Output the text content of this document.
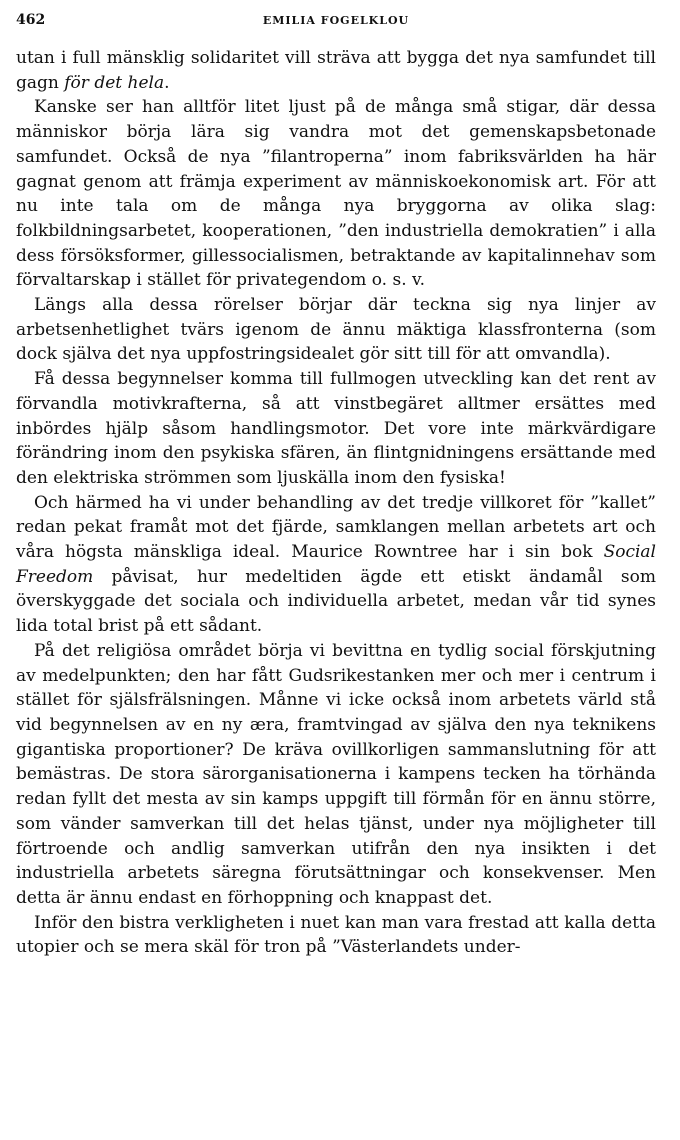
462	EMILIA FOGELKLOU

utan i full mänsklig solidaritet vill sträva att bygga det nya samfundet till gagn för det hela.

Kanske ser han alltför litet ljust på de många små stigar, där dessa människor börja lära sig vandra mot det gemenskapsbetonade samfundet. Också de nya ”filantroperna” inom fabriksvärlden ha här gagnat genom att främja experiment av människoekonomisk art. För att nu inte tala om de många nya bryggorna av olika slag: folkbildningsarbetet, kooperationen, ”den industriella demokratien” i alla dess försöksformer, gillessocialismen, betraktande av kapitalinnehav som förvaltarskap i stället för privategendom o. s. v.

Längs alla dessa rörelser börjar där teckna sig nya linjer av arbetsenhetlighet tvärs igenom de ännu mäktiga klassfronterna (som dock själva det nya uppfostringsidealet gör sitt till för att omvandla).

Få dessa begynnelser komma till fullmogen utveckling kan det rent av förvandla motivkrafterna, så att vinstbegäret alltmer ersättes med inbördes hjälp såsom handlingsmotor. Det vore inte märkvärdigare förändring inom den psykiska sfären, än flintgnidningens ersättande med den elektriska strömmen som ljuskälla inom den fysiska!

Och härmed ha vi under behandling av det tredje villkoret för ”kallet” redan pekat framåt mot det fjärde, samklangen mellan arbetets art och våra högsta mänskliga ideal. Maurice Rowntree har i sin bok Social Freedom påvisat, hur medeltiden ägde ett etiskt ändamål som överskyggade det sociala och individuella arbetet, medan vår tid synes lida total brist på ett sådant.

På det religiösa området börja vi bevittna en tydlig social förskjutning av medelpunkten; den har fått Gudsrikestanken mer och mer i centrum i stället för själsfrälsningen. Månne vi icke också inom arbetets värld stå vid begynnelsen av en ny æra, framtvingad av själva den nya teknikens gigantiska proportioner? De kräva ovillkorligen sammanslutning för att bemästras. De stora särorganisationerna i kampens tecken ha törhända redan fyllt det mesta av sin kamps uppgift till förmån för en ännu större, som vänder samverkan till det helas tjänst, under nya möjligheter till förtroende och andlig samverkan utifrån den nya insikten i det industriella arbetets säregna förutsättningar och konsekvenser. Men detta är ännu endast en förhoppning och knappast det.

Inför den bistra verkligheten i nuet kan man vara frestad att kalla detta utopier och se mera skäl för tron på ”Västerlandets under-
